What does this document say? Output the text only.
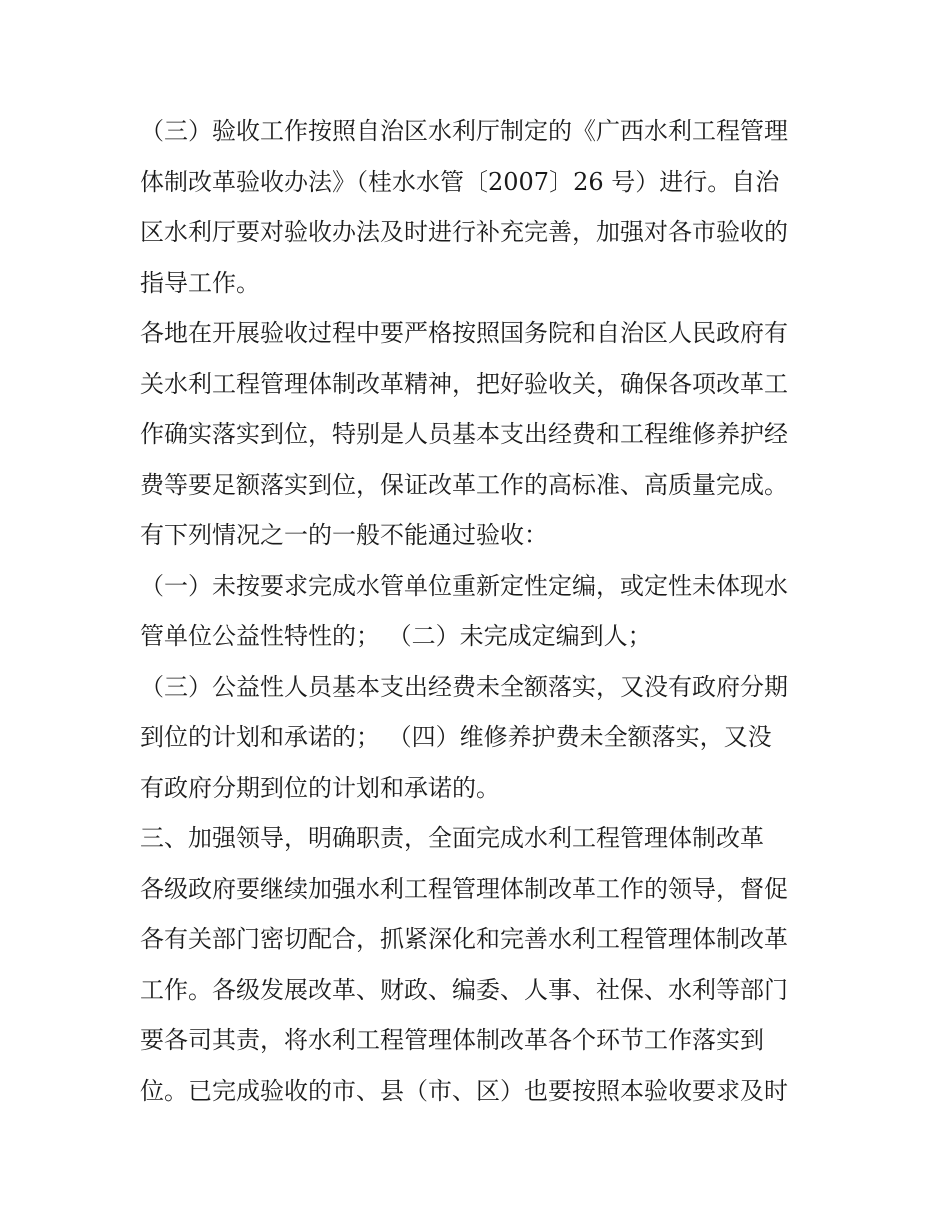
（三）验收工作按照自治区水利厅制定的《广西水利工程管理
体制改革验收办法》（桂水水管〔2007〕26 号）进行。自治
区水利厅要对验收办法及时进行补充完善，加强对各市验收的
指导工作。
各地在开展验收过程中要严格按照国务院和自治区人民政府有
关水利工程管理体制改革精神，把好验收关，确保各项改革工
作确实落实到位，特别是人员基本支出经费和工程维修养护经
费等要足额落实到位，保证改革工作的高标准、高质量完成。
有下列情况之一的一般不能通过验收：
（一）未按要求完成水管单位重新定性定编，或定性未体现水
管单位公益性特性的； （二）未完成定编到人；
（三）公益性人员基本支出经费未全额落实，又没有政府分期
到位的计划和承诺的； （四）维修养护费未全额落实，又没
有政府分期到位的计划和承诺的。
三、加强领导，明确职责，全面完成水利工程管理体制改革
各级政府要继续加强水利工程管理体制改革工作的领导，督促
各有关部门密切配合，抓紧深化和完善水利工程管理体制改革
工作。各级发展改革、财政、编委、人事、社保、水利等部门
要各司其责，将水利工程管理体制改革各个环节工作落实到
位。已完成验收的市、县（市、区）也要按照本验收要求及时
